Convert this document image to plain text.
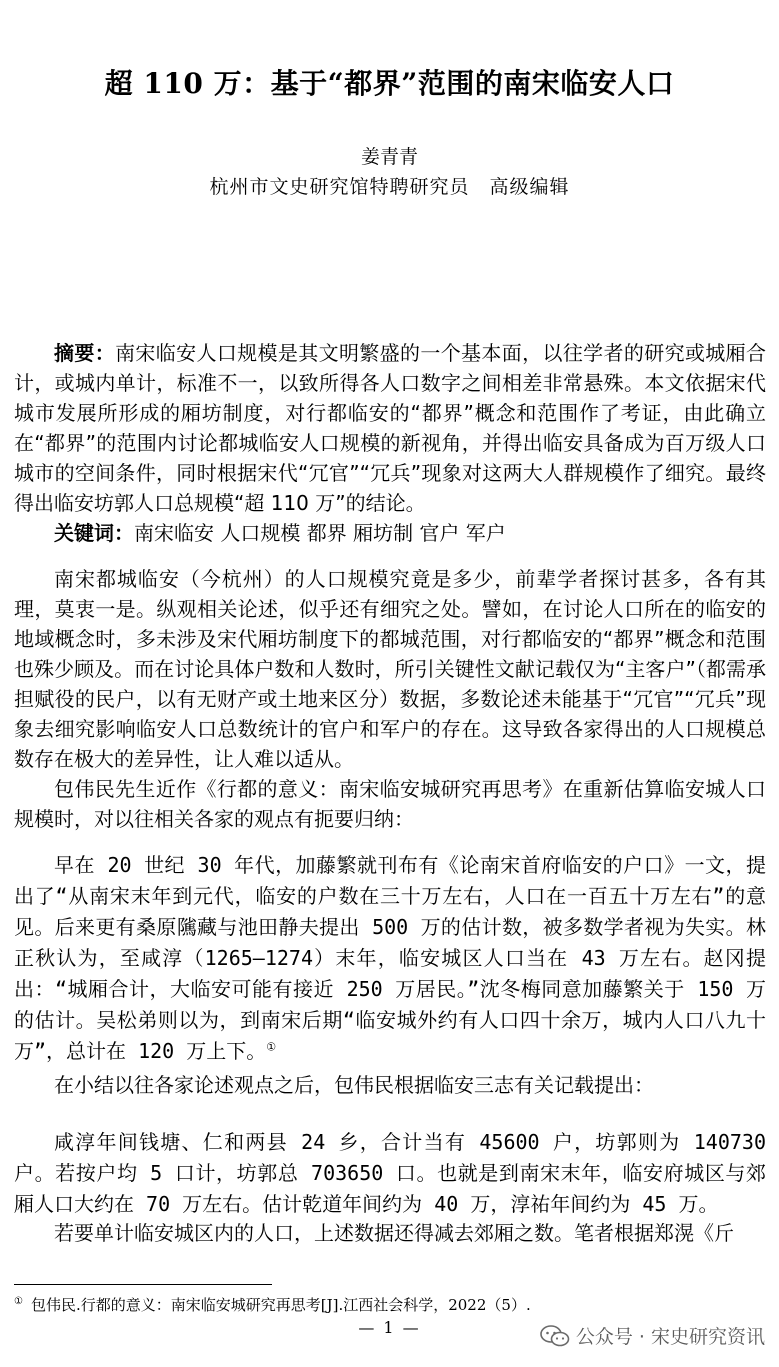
超 110 万：基于“都界”范围的南宋临安人口
姜青青
杭州市文史研究馆特聘研究员　高级编辑
摘要：南宋临安人口规模是其文明繁盛的一个基本面，以往学者的研究或城厢合计，或城内单计，标准不一，以致所得各人口数字之间相差非常悬殊。本文依据宋代城市发展所形成的厢坊制度，对行都临安的“都界”概念和范围作了考证，由此确立在“都界”的范围内讨论都城临安人口规模的新视角，并得出临安具备成为百万级人口城市的空间条件，同时根据宋代“冗官”“冗兵”现象对这两大人群规模作了细究。最终得出临安坊郭人口总规模“超 110 万”的结论。
关键词：南宋临安 人口规模 都界 厢坊制 官户 军户

南宋都城临安（今杭州）的人口规模究竟是多少，前辈学者探讨甚多，各有其理，莫衷一是。纵观相关论述，似乎还有细究之处。譬如，在讨论人口所在的临安的地域概念时，多未涉及宋代厢坊制度下的都城范围，对行都临安的“都界”概念和范围也殊少顾及。而在讨论具体户数和人数时，所引关键性文献记载仅为“主客户”（都需承担赋役的民户，以有无财产或土地来区分）数据，多数论述未能基于“冗官”“冗兵”现象去细究影响临安人口总数统计的官户和军户的存在。这导致各家得出的人口规模总数存在极大的差异性，让人难以适从。

包伟民先生近作《行都的意义：南宋临安城研究再思考》在重新估算临安城人口规模时，对以往相关各家的观点有扼要归纳：

早在 20 世纪 30 年代，加藤繁就刊布有《论南宋首府临安的户口》一文，提出了“从南宋末年到元代，临安的户数在三十万左右，人口在一百五十万左右”的意见。后来更有桑原隲藏与池田静夫提出 500 万的估计数，被多数学者视为失实。林正秋认为，至咸淳（1265—1274）末年，临安城区人口当在 43 万左右。赵冈提出：“城厢合计，大临安可能有接近 250 万居民。”沈冬梅同意加藤繁关于 150 万的估计。吴松弟则以为，到南宋后期“临安城外约有人口四十余万，城内人口八九十万”，总计在 120 万上下。①

在小结以往各家论述观点之后，包伟民根据临安三志有关记载提出：

咸淳年间钱塘、仁和两县 24 乡，合计当有 45600 户，坊郭则为 140730 户。若按户均 5 口计，坊郭总 703650 口。也就是到南宋末年，临安府城区与郊厢人口大约在 70 万左右。估计乾道年间约为 40 万，淳祐年间约为 45 万。

若要单计临安城区内的人口，上述数据还得减去郊厢之数。笔者根据郑滉《斤

① 包伟民.行都的意义：南宋临安城研究再思考[J].江西社会科学，2022（5）.
— 1 —	公众号 · 宋史研究资讯
